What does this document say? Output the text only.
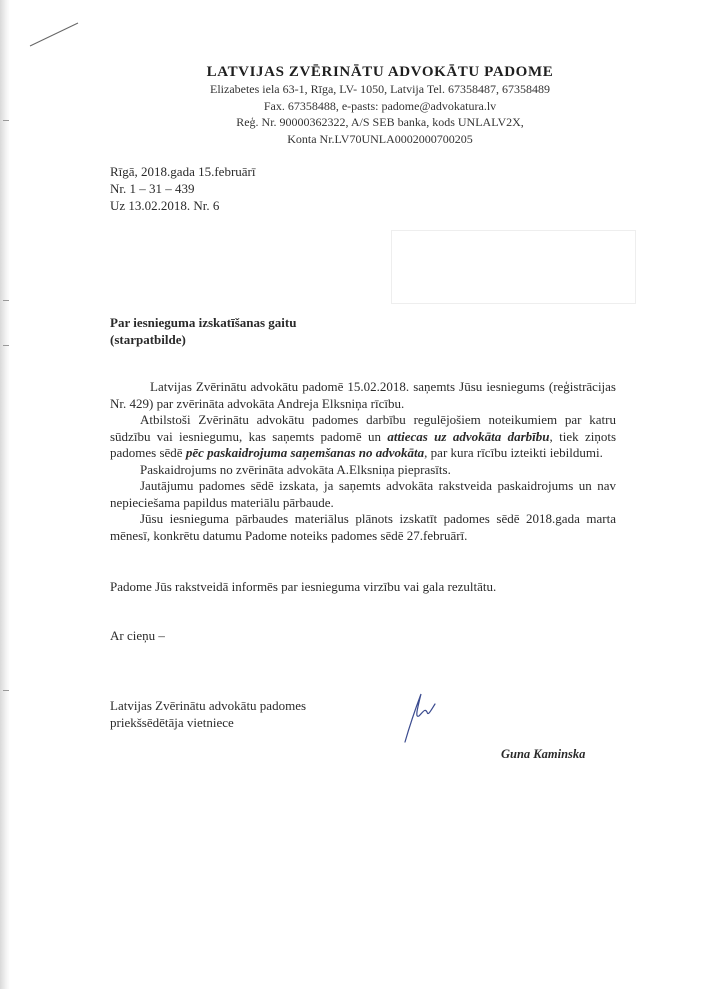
LATVIJAS ZVĒRINĀTU ADVOKĀTU PADOME
Elizabetes iela 63-1, Rīga, LV- 1050, Latvija Tel. 67358487, 67358489
Fax. 67358488, e-pasts: padome@advokatura.lv
Reģ. Nr. 90000362322, A/S SEB banka, kods UNLALV2X,
Konta Nr.LV70UNLA0002000700205
Rīgā, 2018.gada 15.februārī
Nr. 1 – 31 – 439
Uz 13.02.2018. Nr. 6
Par iesnieguma izskatīšanas gaitu
(starpatbilde)

Latvijas Zvērinātu advokātu padomē 15.02.2018. saņemts Jūsu iesniegums (reģistrācijas Nr. 429) par zvērināta advokāta Andreja Elksniņa rīcību.

Atbilstoši Zvērinātu advokātu padomes darbību regulējošiem noteikumiem par katru sūdzību vai iesniegumu, kas saņemts padomē un attiecas uz advokāta darbību, tiek ziņots padomes sēdē pēc paskaidrojuma saņemšanas no advokāta, par kura rīcību izteikti iebildumi.

Paskaidrojums no zvērināta advokāta A.Elksniņa pieprasīts.

Jautājumu padomes sēdē izskata, ja saņemts advokāta rakstveida paskaidrojums un nav nepieciešama papildus materiālu pārbaude.

Jūsu iesnieguma pārbaudes materiālus plānots izskatīt padomes sēdē 2018.gada marta mēnesī, konkrētu datumu Padome noteiks padomes sēdē 27.februārī.

Padome Jūs rakstveidā informēs par iesnieguma virzību vai gala rezultātu.
Ar cieņu –
Latvijas Zvērinātu advokātu padomes
priekšsēdētāja vietniece
Guna Kaminska
